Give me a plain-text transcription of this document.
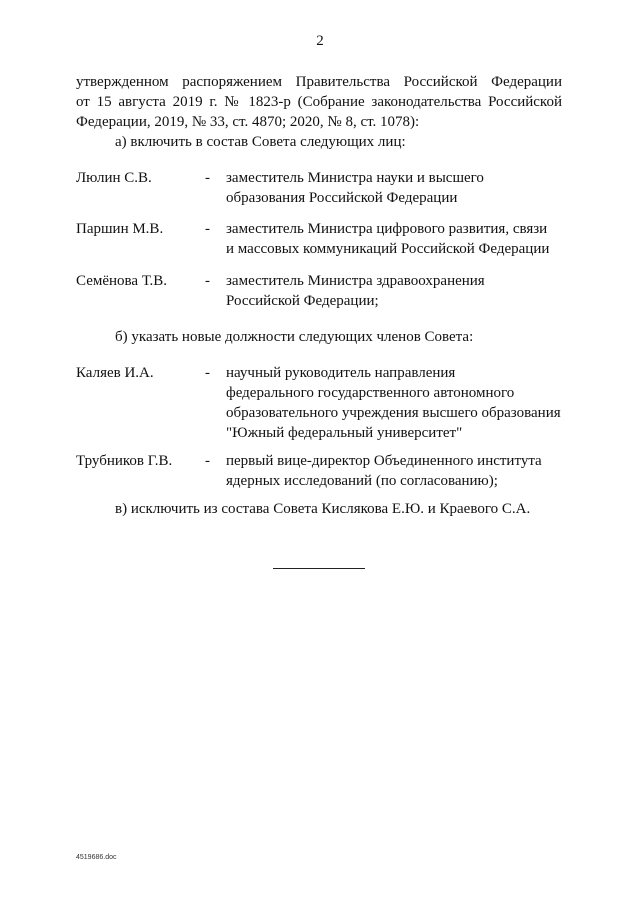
2
утвержденном распоряжением Правительства Российской Федерации
от 15 августа 2019 г. № 1823-р (Собрание законодательства Российской
Федерации, 2019, № 33, ст. 4870; 2020, № 8, ст. 1078):
а) включить в состав Совета следующих лиц:
Люлин С.В.	- заместитель Министра науки и высшего
образования Российской Федерации
Паршин М.В.	- заместитель Министра цифрового развития, связи
и массовых коммуникаций Российской Федерации
Семёнова Т.В.	- заместитель Министра здравоохранения
Российской Федерации;
б) указать новые должности следующих членов Совета:
Каляев И.А.	- научный руководитель направления
федерального государственного автономного
образовательного учреждения высшего образования
"Южный федеральный университет"
Трубников Г.В. - первый вице-директор Объединенного института
ядерных исследований (по согласованию);
в) исключить из состава Совета Кислякова Е.Ю. и Краевого С.А.
4519686.doc
